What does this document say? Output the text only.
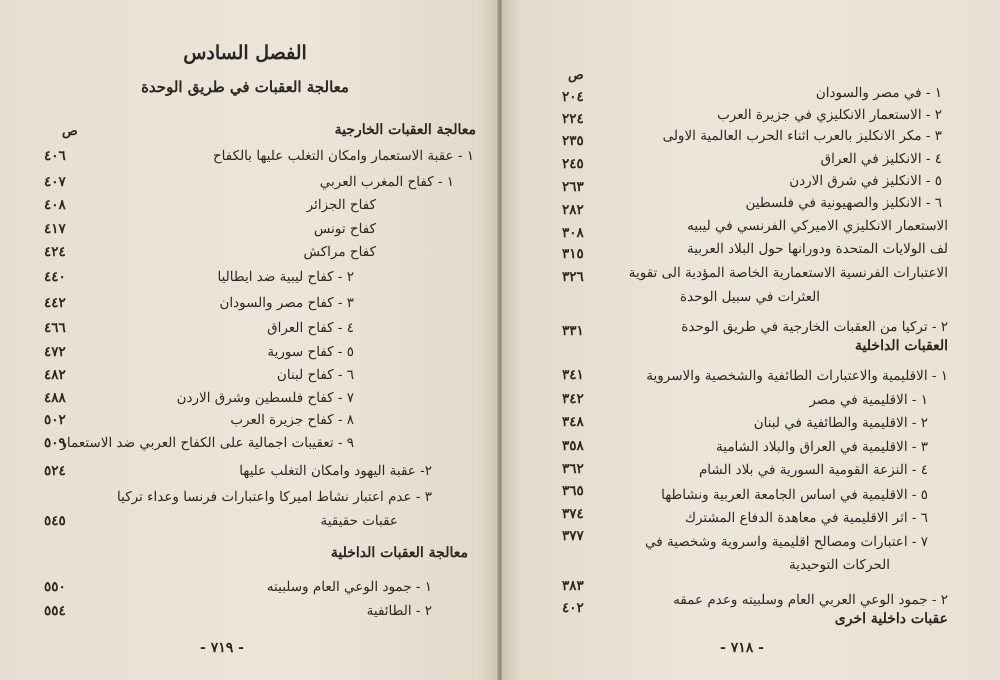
الفصل السادس
معالجة العقبات في طريق الوحدة
ص	معالجة العقبات الخارجية
١ - عقبة الاستعمار وامكان التغلب عليها بالكفاح
٤٠٦
١ - كفاح المغرب العربي
٤٠٧
كفاح الجزائر
٤٠٨
كفاح تونس
٤١٧
كفاح مراكش
٤٢٤
٢ - كفاح ليبية ضد ايطاليا
٤٤٠
٣ - كفاح مصر والسودان
٤٤٢
٤ - كفاح العراق
٤٦٦
٥ - كفاح سورية
٤٧٢
٦ - كفاح لبنان
٤٨٢
٧ - كفاح فلسطين وشرق الاردن
٤٨٨
٨ - كفاح جزيرة العرب
٥٠٢
٩ - تعقيبات اجمالية على الكفاح العربي ضد الاستعمار
٥٠٩
٢- عقبة اليهود وامكان التغلب عليها
٥٢٤
٣ - عدم اعتبار نشاط اميركا واعتبارات فرنسا وعداء تركيا
عقبات حقيقية
٥٤٥
معالجة العقبات الداخلية
١ - جمود الوعي العام وسلبيته
٥٥٠
٢ - الطائفية
٥٥٤
- ٧١٩ -
ص
١ - في مصر والسودان
٢٠٤
٢ - الاستعمار الانكليزي في جزيرة العرب
٢٢٤
٣ - مكر الانكليز بالعرب اثناء الحرب العالمية الاولى
٢٣٥
٤ - الانكليز في العراق
٢٤٥
٥ - الانكليز في شرق الاردن
٢٦٣
٦ - الانكليز والصهيونية في فلسطين
٢٨٢
الاستعمار الانكليزي الاميركي الفرنسي في ليبيه
٣٠٨
لف الولايات المتحدة ودورانها حول البلاد العربية
٣١٥
الاعتبارات الفرنسية الاستعمارية الخاصة المؤدية الى تقوية
٣٢٦
العثرات في سبيل الوحدة
٢ - تركيا من العقبات الخارجية في طريق الوحدة
٣٣١
العقبات الداخلية
١ - الاقليمية والاعتبارات الطائفية والشخصية والاسروية
٣٤١
١ - الاقليمية في مصر
٣٤٢
٢ - الاقليمية والطائفية في لبنان
٣٤٨
٣ - الاقليمية في العراق والبلاد الشامية
٣٥٨
٤ - النزعة القومية السورية في بلاد الشام
٣٦٢
٥ - الاقليمية في اساس الجامعة العربية ونشاطها
٣٦٥
٦ - اثر الاقليمية في معاهدة الدفاع المشترك
٣٧٤
٧ - اعتبارات ومصالح اقليمية واسروية وشخصية في
٣٧٧
الحركات التوحيدية
٢ - جمود الوعي العربي العام وسلبيته وعدم عمقه
٣٨٣
عقبات داخلية اخرى
٤٠٢
- ٧١٨ -
